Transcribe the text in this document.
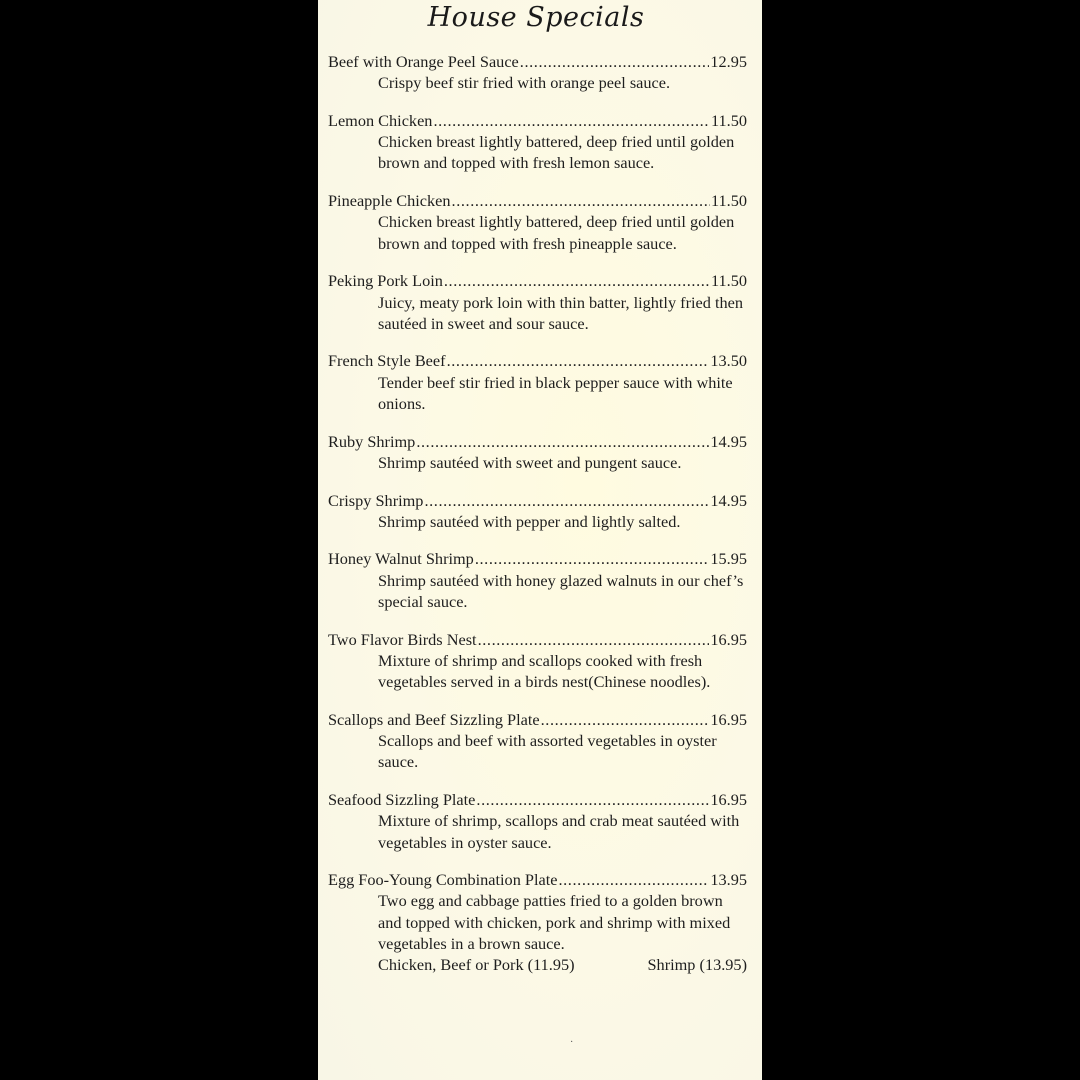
House Specials
Beef with Orange Peel Sauce .....	12.95
Crispy beef stir fried with orange peel sauce.
Lemon Chicken .....	11.50
Chicken breast lightly battered, deep fried until golden brown and topped with fresh lemon sauce.
Pineapple Chicken .....	11.50
Chicken breast lightly battered, deep fried until golden brown and topped with fresh pineapple sauce.
Peking Pork Loin .....	11.50
Juicy, meaty pork loin with thin batter, lightly fried then sautéed in sweet and sour sauce.
French Style Beef .....	13.50
Tender beef stir fried in black pepper sauce with white onions.
Ruby Shrimp .....	14.95
Shrimp sautéed with sweet and pungent sauce.
Crispy Shrimp .....	14.95
Shrimp sautéed with pepper and lightly salted.
Honey Walnut Shrimp .....	15.95
Shrimp sautéed with honey glazed walnuts in our chef’s special sauce.
Two Flavor Birds Nest .....	16.95
Mixture of shrimp and scallops cooked with fresh vegetables served in a birds nest(Chinese noodles).
Scallops and Beef Sizzling Plate .....	16.95
Scallops and beef with assorted vegetables in oyster sauce.
Seafood Sizzling Plate .....	16.95
Mixture of shrimp, scallops and crab meat sautéed with vegetables in oyster sauce.
Egg Foo-Young Combination Plate .....	13.95
Two egg and cabbage patties fried to a golden brown and topped with chicken, pork and shrimp with mixed vegetables in a brown sauce.
Chicken, Beef or Pork (11.95)	Shrimp (13.95)
·
